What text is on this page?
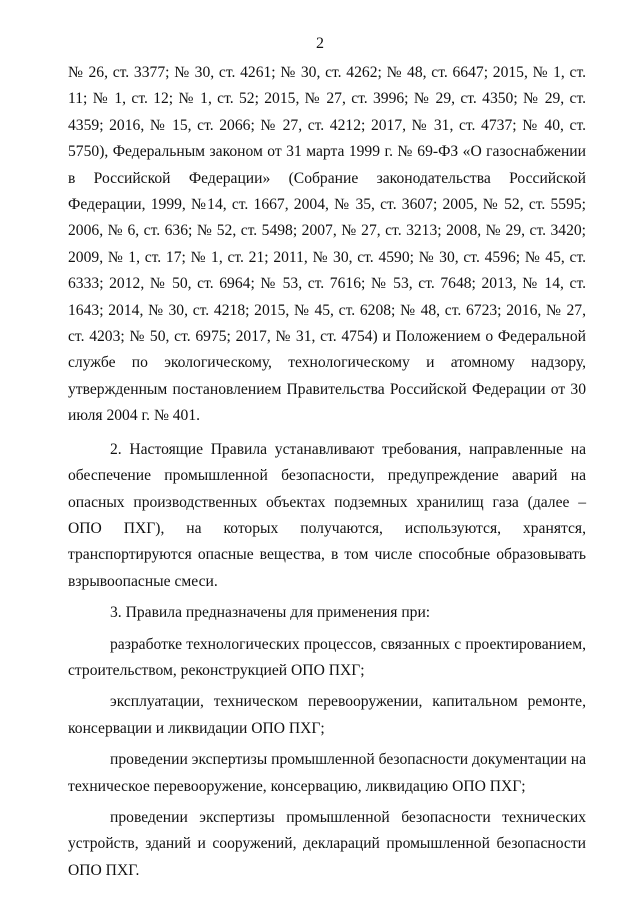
2

№ 26, ст. 3377; № 30, ст. 4261; № 30, ст. 4262; № 48, ст. 6647; 2015, № 1, ст. 11; № 1, ст. 12; № 1, ст. 52; 2015, № 27, ст. 3996; № 29, ст. 4350; № 29, ст. 4359; 2016, № 15, ст. 2066; № 27, ст. 4212; 2017, № 31, ст. 4737; № 40, ст. 5750), Федеральным законом от 31 марта 1999 г. № 69-ФЗ «О газоснабжении в Российской Федерации» (Собрание законодательства Российской Федерации, 1999, №14, ст. 1667, 2004, № 35, ст. 3607; 2005, № 52, ст. 5595; 2006, № 6, ст. 636; № 52, ст. 5498; 2007, № 27, ст. 3213; 2008, № 29, ст. 3420; 2009, № 1, ст. 17; № 1, ст. 21; 2011, № 30, ст. 4590; № 30, ст. 4596; № 45, ст. 6333; 2012, № 50, ст. 6964; № 53, ст. 7616; № 53, ст. 7648; 2013, № 14, ст. 1643; 2014, № 30, ст. 4218; 2015, № 45, ст. 6208; № 48, ст. 6723; 2016, № 27, ст. 4203; № 50, ст. 6975; 2017, № 31, ст. 4754) и Положением о Федеральной службе по экологическому, технологическому и атомному надзору, утвержденным постановлением Правительства Российской Федерации от 30 июля 2004 г. № 401.

2. Настоящие Правила устанавливают требования, направленные на обеспечение промышленной безопасности, предупреждение аварий на опасных производственных объектах подземных хранилищ газа (далее – ОПО ПХГ), на которых получаются, используются, хранятся, транспортируются опасные вещества, в том числе способные образовывать взрывоопасные смеси.

3. Правила предназначены для применения при:

разработке технологических процессов, связанных с проектированием, строительством, реконструкцией ОПО ПХГ;

эксплуатации, техническом перевооружении, капитальном ремонте, консервации и ликвидации ОПО ПХГ;

проведении экспертизы промышленной безопасности документации на техническое перевооружение, консервацию, ликвидацию ОПО ПХГ;

проведении экспертизы промышленной безопасности технических устройств, зданий и сооружений, деклараций промышленной безопасности ОПО ПХГ.
